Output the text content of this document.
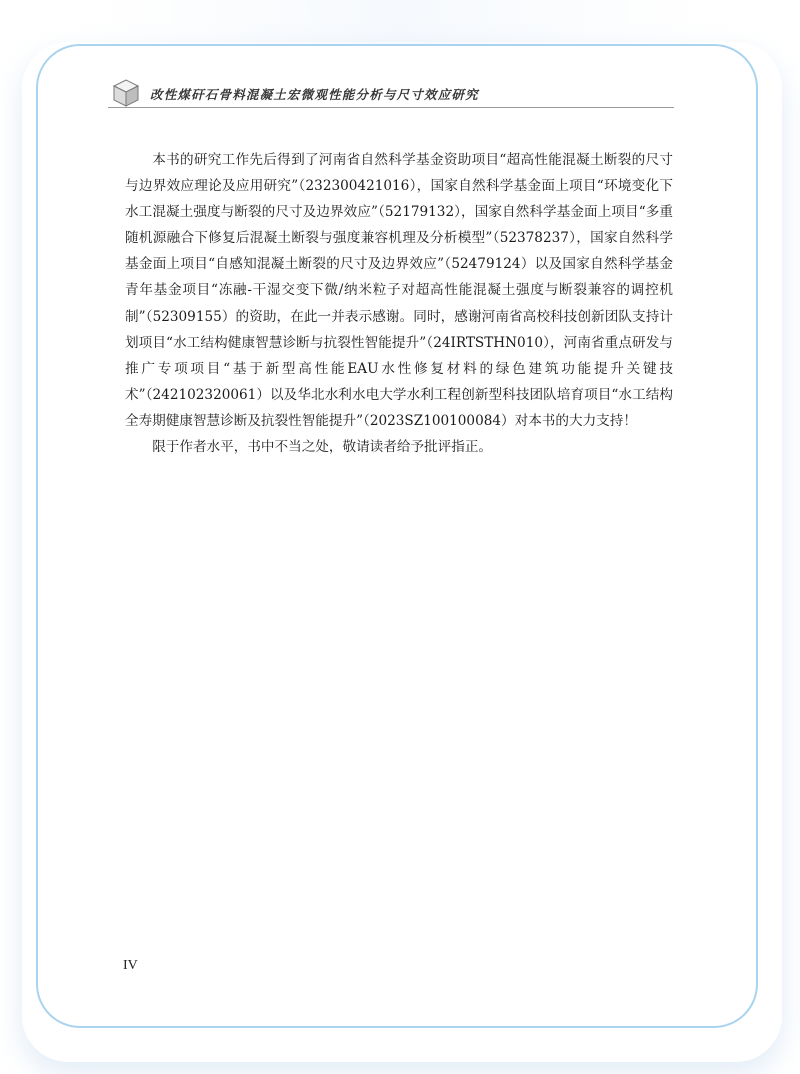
改性煤矸石骨料混凝土宏微观性能分析与尺寸效应研究

本书的研究工作先后得到了河南省自然科学基金资助项目“超高性能混凝土断裂的尺寸与边界效应理论及应用研究”（232300421016），国家自然科学基金面上项目“环境变化下水工混凝土强度与断裂的尺寸及边界效应”（52179132），国家自然科学基金面上项目“多重随机源融合下修复后混凝土断裂与强度兼容机理及分析模型”（52378237），国家自然科学基金面上项目“自感知混凝土断裂的尺寸及边界效应”（52479124）以及国家自然科学基金青年基金项目“冻融-干湿交变下微/纳米粒子对超高性能混凝土强度与断裂兼容的调控机制”（52309155）的资助，在此一并表示感谢。同时，感谢河南省高校科技创新团队支持计划项目“水工结构健康智慧诊断与抗裂性智能提升”（24IRTSTHN010），河南省重点研发与推广专项项目“基于新型高性能EAU水性修复材料的绿色建筑功能提升关键技术”（242102320061）以及华北水利水电大学水利工程创新型科技团队培育项目“水工结构全寿期健康智慧诊断及抗裂性智能提升”（2023SZ100100084）对本书的大力支持！

限于作者水平，书中不当之处，敬请读者给予批评指正。

IV
